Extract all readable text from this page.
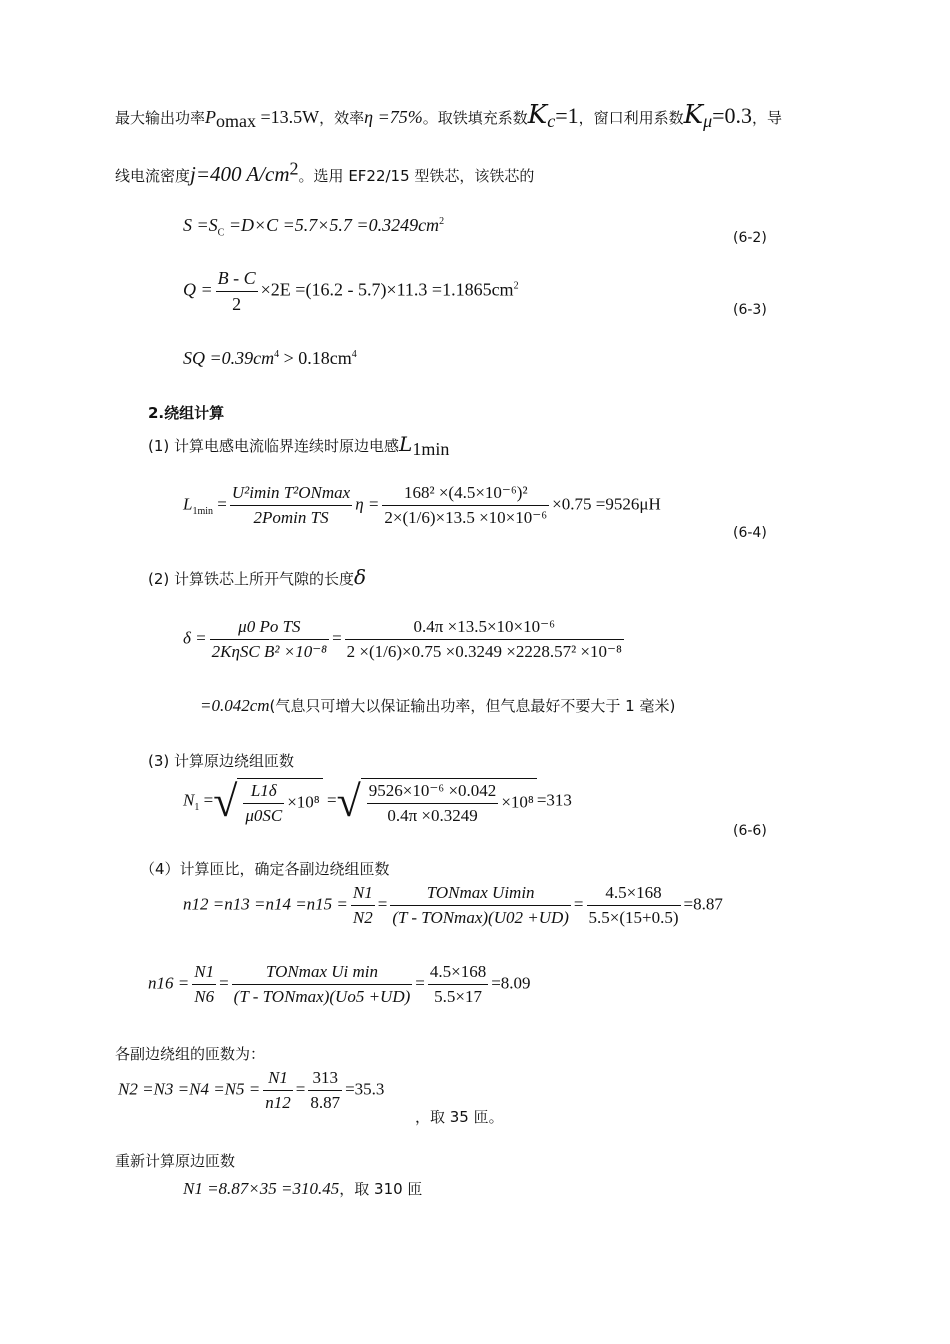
最大输出功率$P_{omax} =13.5W$，效率η =75%。取铁填充系数$K_c=1$，窗口利用系数$K_\mu=0.3$，导
线电流密度j=400 $A/cm^2$。选用 EF22/15 型铁芯，该铁芯的
$S =S_C =D\times C =5.7\times 5.7 =0.3249cm^2$
(6-2)
$Q = \frac{B - C}{2} \times 2E =(16.2 - 5.7)\times 11.3 =1.1865cm^2$
(6-3)
SQ $=0.39cm^4 > 0.18cm^4$
2.绕组计算
(1) 计算电感电流临界连续时原边电感$L_{1min}$
$L_{1min} = \frac{\text{U²imin T²ONmax}}{\text{2Pomin TS}}$ $\eta = \frac{\text{168² ×(4.5×10⁻⁶)²}}{\text{2×(1/6)×13.5 ×10×10⁻⁶}} \times 0.75 =9526\mu H$
(6-4)
(2) 计算铁芯上所开气隙的长度δ
$\delta = \frac{\text{μ0 Po TS}}{\text{2KηSC B² ×10⁻⁸}} = \frac{\text{0.4π ×13.5×10×10⁻⁶}}{\text{2 ×(1/6)×0.75 ×0.3249 ×2228.57² ×10⁻⁸}}$
=0.042cm(气息只可增大以保证输出功率，但气息最好不要大于 1 毫米)
(3) 计算原边绕组匝数
$N_1$ =√ $\frac{L1\delta}{\mu 0SC} \times 10^8$ =√ $\frac{\text{9526×10⁻⁶ ×0.042}}{0.4\pi \times 0.3249} \times 10^8 =313$
(6-6)
（4）计算匝比，确定各副边绕组匝数
$n12 =n13 =n14 =n15 = \frac{N1}{N2} = \frac{\text{TONmax Uimin}}{\text{(T - TONmax)(U02 +UD)}} = \frac{4.5\times 168}{5.5\times(15+0.5)} =8.87$
$n16 = \frac{N1}{N6} = \frac{\text{TONmax Ui min}}{\text{(T - TONmax)(Uo5 +UD)}} = \frac{4.5\times 168}{5.5\times 17} =8.09$
各副边绕组的匝数为：
$N2 =N3 =N4 =N5 = \frac{N1}{n12} = \frac{313}{8.87} =35.3$
，取 35 匝。
重新计算原边匝数
N1 =8.87×35 =310.45，取 310 匝
